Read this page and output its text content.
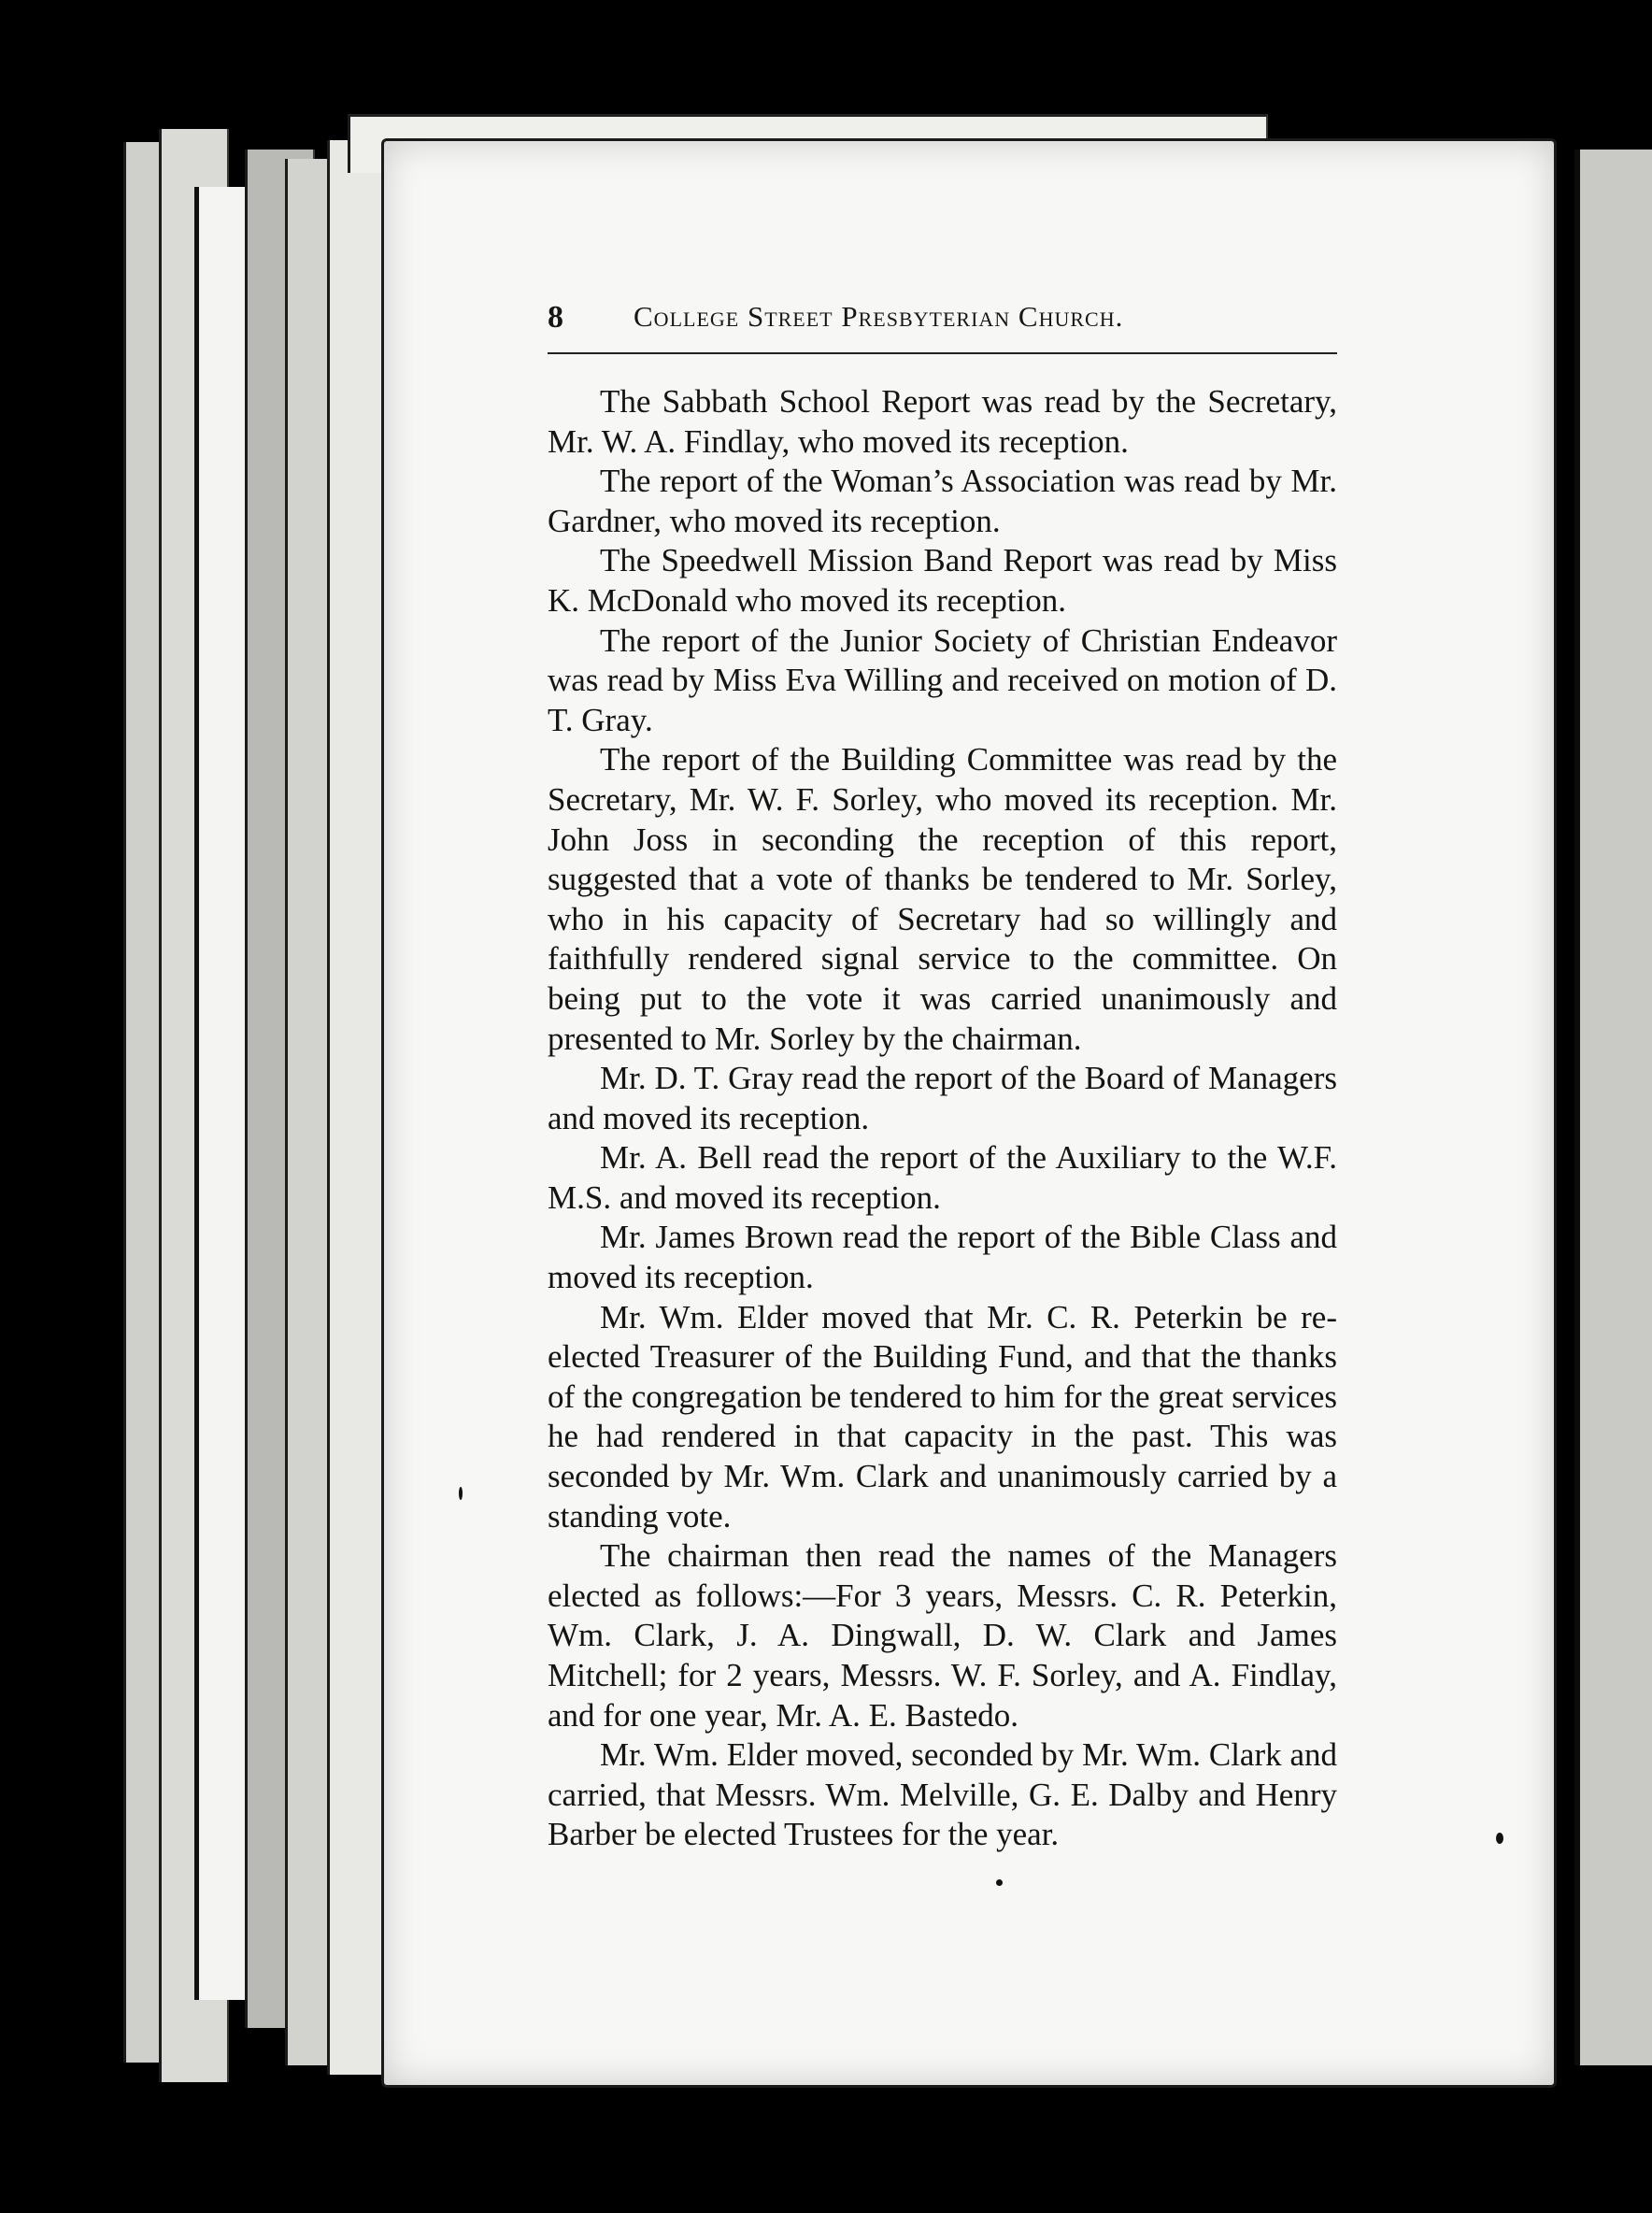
8 College Street Presbyterian Church.

The Sabbath School Report was read by the Secretary, Mr. W. A. Findlay, who moved its reception.

The report of the Woman’s Association was read by Mr. Gardner, who moved its reception.

The Speedwell Mission Band Report was read by Miss K. McDonald who moved its reception.

The report of the Junior Society of Christian Endeavor was read by Miss Eva Willing and received on motion of D. T. Gray.

The report of the Building Committee was read by the Secretary, Mr. W. F. Sorley, who moved its reception. Mr. John Joss in seconding the reception of this report, suggested that a vote of thanks be tendered to Mr. Sorley, who in his capacity of Secretary had so willingly and faithfully rendered signal service to the committee. On being put to the vote it was carried unanimously and presented to Mr. Sorley by the chairman.

Mr. D. T. Gray read the report of the Board of Managers and moved its reception.

Mr. A. Bell read the report of the Auxiliary to the W.F. M.S. and moved its reception.

Mr. James Brown read the report of the Bible Class and moved its reception.

Mr. Wm. Elder moved that Mr. C. R. Peterkin be re-elected Treasurer of the Building Fund, and that the thanks of the congregation be tendered to him for the great services he had rendered in that capacity in the past. This was seconded by Mr. Wm. Clark and unanimously carried by a standing vote.

The chairman then read the names of the Managers elected as follows:—For 3 years, Messrs. C. R. Peterkin, Wm. Clark, J. A. Dingwall, D. W. Clark and James Mitchell; for 2 years, Messrs. W. F. Sorley, and A. Findlay, and for one year, Mr. A. E. Bastedo.

Mr. Wm. Elder moved, seconded by Mr. Wm. Clark and carried, that Messrs. Wm. Melville, G. E. Dalby and Henry Barber be elected Trustees for the year.
